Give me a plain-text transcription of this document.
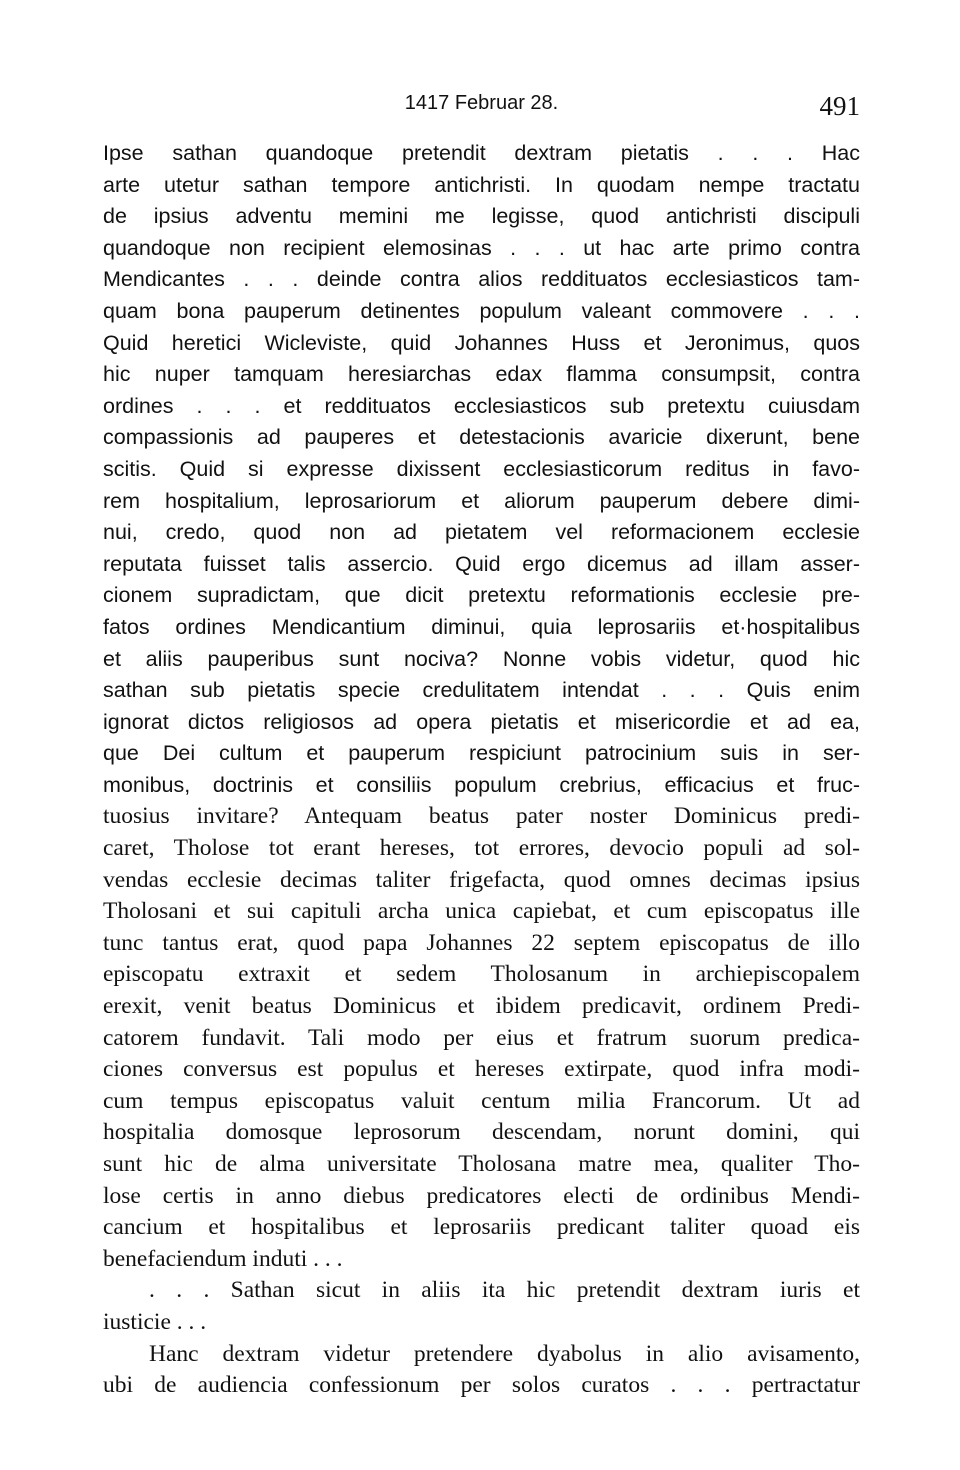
1417 Februar 28.	491
Ipse sathan quandoque pretendit dextram pietatis . . . Hac
arte utetur sathan tempore antichristi. In quodam nempe tractatu
de ipsius adventu memini me legisse, quod antichristi discipuli
quandoque non recipient elemosinas . . . ut hac arte primo contra
Mendicantes . . . deinde contra alios reddituatos ecclesiasticos tam-
quam bona pauperum detinentes populum valeant commovere . . .
Quid heretici Wicleviste, quid Johannes Huss et Jeronimus, quos
hic nuper tamquam heresiarchas edax flamma consumpsit, contra
ordines . . . et reddituatos ecclesiasticos sub pretextu cuiusdam
compassionis ad pauperes et detestacionis avaricie dixerunt, bene
scitis. Quid si expresse dixissent ecclesiasticorum reditus in favo-
rem hospitalium, leprosariorum et aliorum pauperum debere dimi-
nui, credo, quod non ad pietatem vel reformacionem ecclesie
reputata fuisset talis assercio. Quid ergo dicemus ad illam asser-
cionem supradictam, que dicit pretextu reformationis ecclesie pre-
fatos ordines Mendicantium diminui, quia leprosariis et·hospitalibus
et aliis pauperibus sunt nociva? Nonne vobis videtur, quod hic
sathan sub pietatis specie credulitatem intendat . . . Quis enim
ignorat dictos religiosos ad opera pietatis et misericordie et ad ea,
que Dei cultum et pauperum respiciunt patrocinium suis in ser-
monibus, doctrinis et consiliis populum crebrius, efficacius et fruc-
tuosius invitare? Antequam beatus pater noster Dominicus predi-
caret, Tholose tot erant hereses, tot errores, devocio populi ad sol-
vendas ecclesie decimas taliter frigefacta, quod omnes decimas ipsius
Tholosani et sui capituli archa unica capiebat, et cum episcopatus ille
tunc tantus erat, quod papa Johannes 22 septem episcopatus de illo
episcopatu extraxit et sedem Tholosanum in archiepiscopalem
erexit, venit beatus Dominicus et ibidem predicavit, ordinem Predi-
catorem fundavit. Tali modo per eius et fratrum suorum predica-
ciones conversus est populus et hereses extirpate, quod infra modi-
cum tempus episcopatus valuit centum milia Francorum. Ut ad
hospitalia domosque leprosorum descendam, norunt domini, qui
sunt hic de alma universitate Tholosana matre mea, qualiter Tho-
lose certis in anno diebus predicatores electi de ordinibus Mendi-
cancium et hospitalibus et leprosariis predicant taliter quoad eis
benefaciendum induti . . .
. . . Sathan sicut in aliis ita hic pretendit dextram iuris et
iusticie . . .
Hanc dextram videtur pretendere dyabolus in alio avisamento,
ubi de audiencia confessionum per solos curatos . . . pertractatur
